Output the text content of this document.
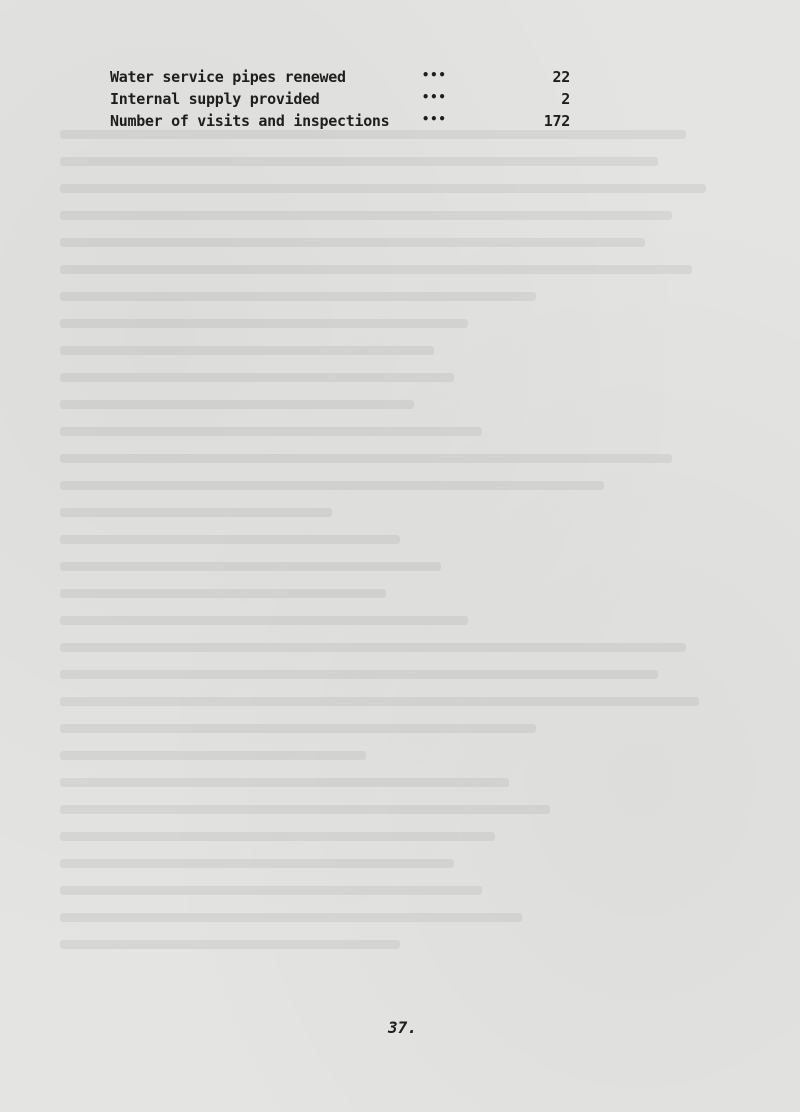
Water service pipes renewed	•••	22
Internal supply provided	•••	2
Number of visits and inspections	•••	172
37.
